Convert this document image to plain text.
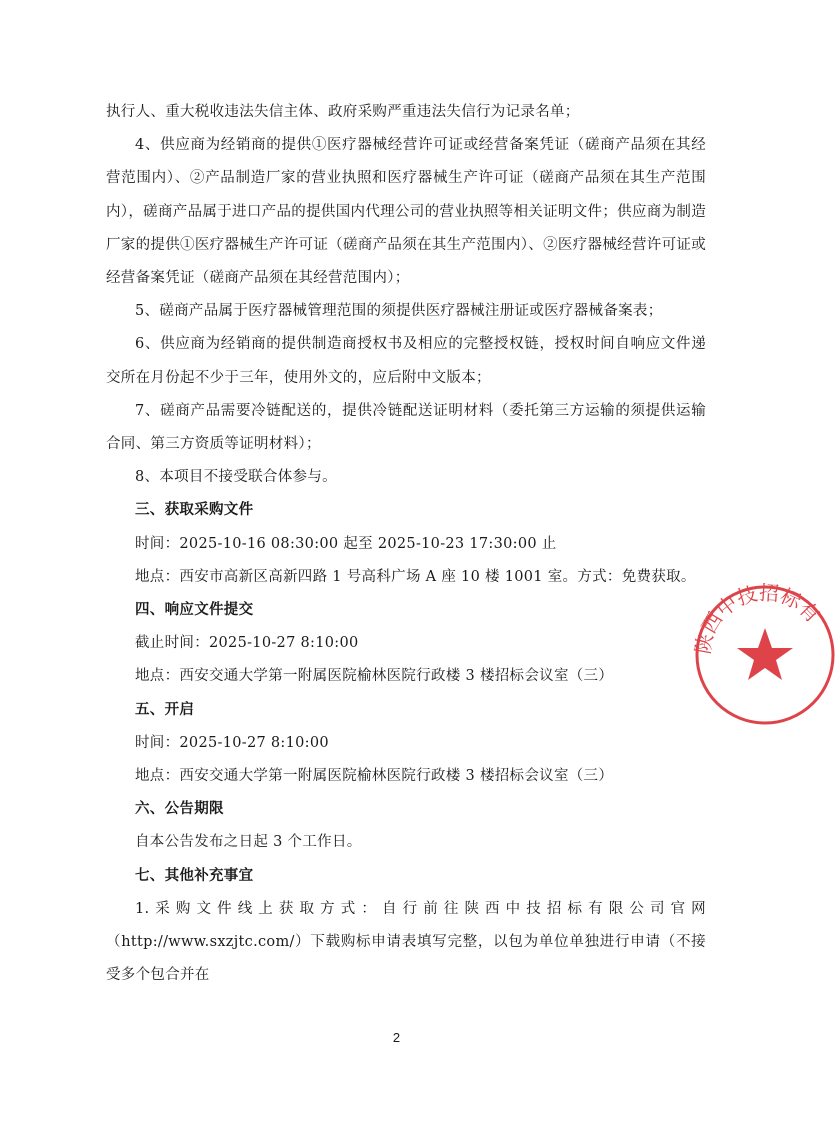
执行人、重大税收违法失信主体、政府采购严重违法失信行为记录名单；

4、供应商为经销商的提供①医疗器械经营许可证或经营备案凭证（磋商产品须在其经营范围内）、②产品制造厂家的营业执照和医疗器械生产许可证（磋商产品须在其生产范围内），磋商产品属于进口产品的提供国内代理公司的营业执照等相关证明文件；供应商为制造厂家的提供①医疗器械生产许可证（磋商产品须在其生产范围内）、②医疗器械经营许可证或经营备案凭证（磋商产品须在其经营范围内）；

5、磋商产品属于医疗器械管理范围的须提供医疗器械注册证或医疗器械备案表；

6、供应商为经销商的提供制造商授权书及相应的完整授权链，授权时间自响应文件递交所在月份起不少于三年，使用外文的，应后附中文版本；

7、磋商产品需要冷链配送的，提供冷链配送证明材料（委托第三方运输的须提供运输合同、第三方资质等证明材料）；

8、本项目不接受联合体参与。

三、获取采购文件

时间：2025-10-16 08:30:00 起至 2025-10-23 17:30:00 止

地点：西安市高新区高新四路 1 号高科广场 A 座 10 楼 1001 室。方式：免费获取。

四、响应文件提交

截止时间：2025-10-27 8:10:00

地点：西安交通大学第一附属医院榆林医院行政楼 3 楼招标会议室（三）

五、开启

时间：2025-10-27 8:10:00

地点：西安交通大学第一附属医院榆林医院行政楼 3 楼招标会议室（三）

六、公告期限

自本公告发布之日起 3 个工作日。

七、其他补充事宜

1.采购文件线上获取方式：自行前往陕西中技招标有限公司官网（http://www.sxzjtc.com/）下载购标申请表填写完整，以包为单位单独进行申请（不接受多个包合并在

2
陕西中技招标有
